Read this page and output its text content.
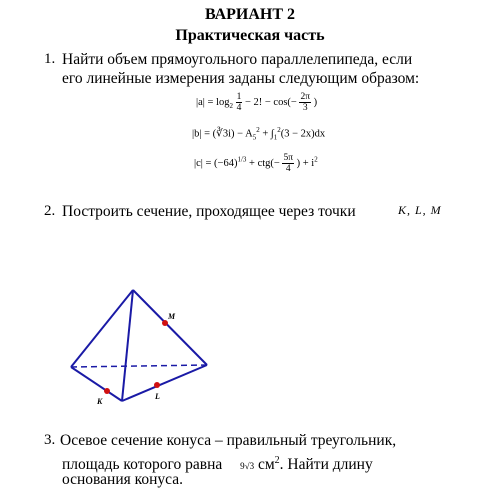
ВАРИАНТ 2
Практическая часть
1. Найти объем прямоугольного параллелепипеда, если
его линейные измерения заданы следующим образом:
$|a| = \log_2 \frac{1}{4} - 2$! − $\cos(- \frac{2\pi}{3}$ )
|b| = (∛3i) − $A_5^2 + \int_1^2(3 - 2x)dx$
$|c| = (-64)^{1/3} + ctg(- \frac{5\pi}{4}$ ) + $i^2$
2. Построить сечение, проходящее через точки	K, L, M
M
K
L
3. Осевое сечение конуса – правильный треугольник,
площадь которого равна 9√3 $см^2$. Найти длину
основания конуса.
